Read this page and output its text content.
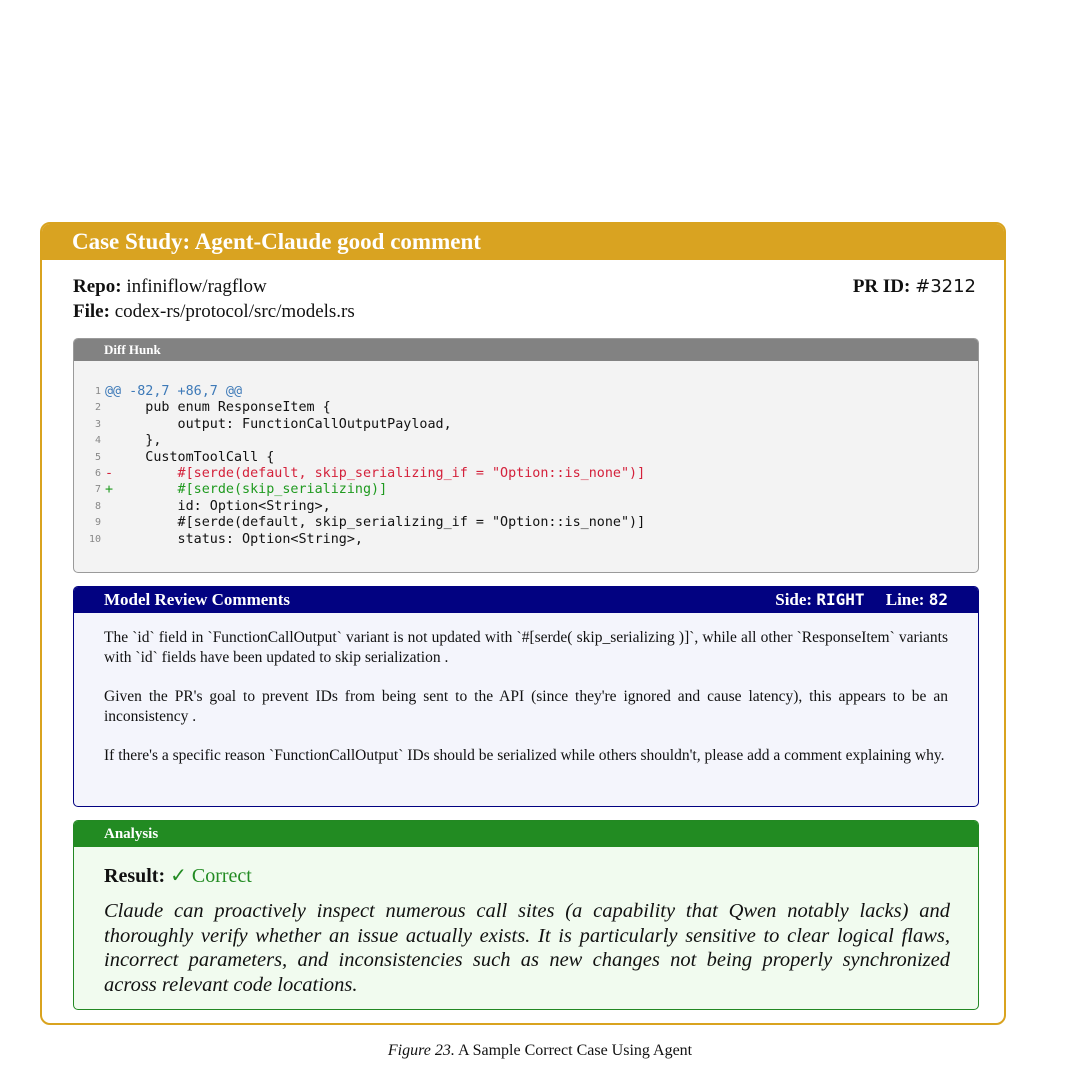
Case Study: Agent-Claude good comment
Repo: infiniflow/ragflow
File: codex-rs/protocol/src/models.rs
PR ID: #3212
Diff Hunk
1 @@ -82,7 +86,7 @@
2 pub enum ResponseItem {
3 output: FunctionCallOutputPayload,
4 },
5 CustomToolCall {
6 -        #[serde(default, skip_serializing_if = "Option::is_none")]
7 +        #[serde(skip_serializing)]
8 id: Option<String>,
9 #[serde(default, skip_serializing_if = "Option::is_none")]
10 status: Option<String>,
Model Review Comments	Side: RIGHT Line: 82

The `id` field in `FunctionCallOutput` variant is not updated with `#[serde( skip_serializing )]`, while all other `ResponseItem` variants with `id` fields have been updated to skip serialization .

Given the PR's goal to prevent IDs from being sent to the API (since they're ignored and cause latency), this appears to be an inconsistency .

If there's a specific reason `FunctionCallOutput` IDs should be serialized while others shouldn't, please add a comment explaining why.

Analysis
Result: ✓ Correct
Claude can proactively inspect numerous call sites (a capability that Qwen notably lacks) and thoroughly verify whether an issue actually exists. It is particularly sensitive to clear logical flaws, incorrect parameters, and inconsistencies such as new changes not being properly synchronized across relevant code locations.
Figure 23. A Sample Correct Case Using Agent
